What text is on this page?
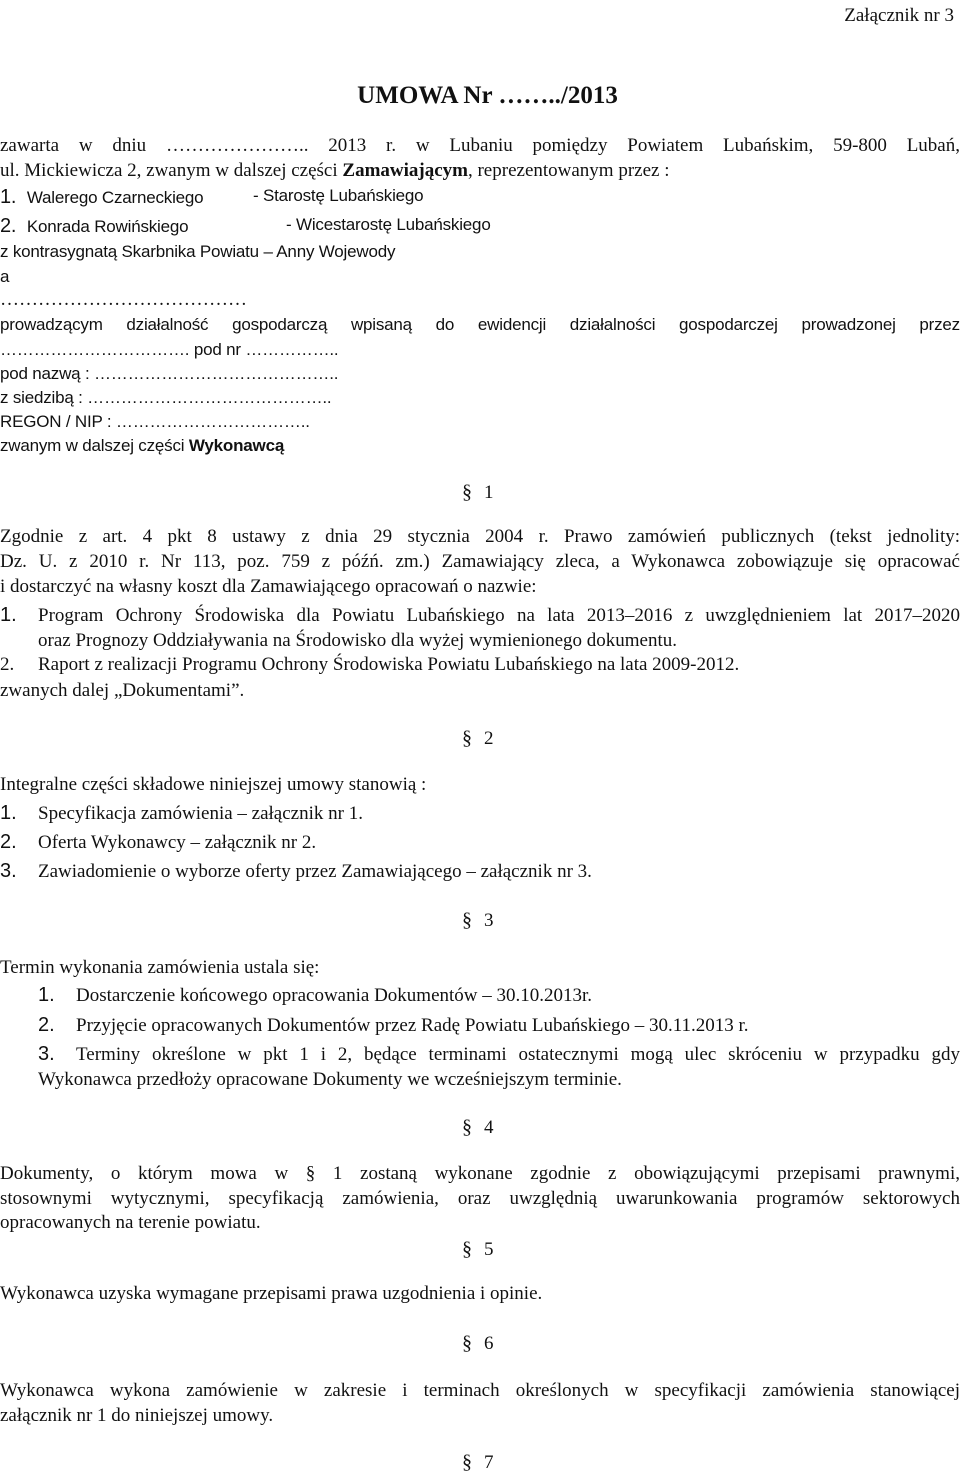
Załącznik nr 3
UMOWA Nr ……../2013
zawarta w dniu ………………….. 2013 r. w Lubaniu pomiędzy Powiatem Lubańskim, 59-800 Lubań,
ul. Mickiewicza 2, zwanym w dalszej części Zamawiającym, reprezentowanym przez :
1. Walerego Czarneckiego	- Starostę Lubańskiego
2. Konrada Rowińskiego	- Wicestarostę Lubańskiego
z kontrasygnatą Skarbnika Powiatu – Anny Wojewody
a
…………………………………
prowadzącym działalność gospodarczą wpisaną do ewidencji działalności gospodarczej prowadzonej przez
……………………………. pod nr ……………..
pod nazwą : ……………………………………..
z siedzibą : ……………………………………..
REGON / NIP : ……………………………..
zwanym w dalszej części Wykonawcą
§ 1
Zgodnie z art. 4 pkt 8 ustawy z dnia 29 stycznia 2004 r. Prawo zamówień publicznych (tekst jednolity:
Dz. U. z 2010 r. Nr 113, poz. 759 z późń. zm.) Zamawiający zleca, a Wykonawca zobowiązuje się opracować
i dostarczyć na własny koszt dla Zamawiającego opracowań o nazwie:
1. Program Ochrony Środowiska dla Powiatu Lubańskiego na lata 2013–2016 z uwzględnieniem lat 2017–2020
oraz Prognozy Oddziaływania na Środowisko dla wyżej wymienionego dokumentu.
2. Raport z realizacji Programu Ochrony Środowiska Powiatu Lubańskiego na lata 2009-2012.
zwanych dalej „Dokumentami”.
§ 2
Integralne części składowe niniejszej umowy stanowią :
1. Specyfikacja zamówienia – załącznik nr 1.
2. Oferta Wykonawcy – załącznik nr 2.
3. Zawiadomienie o wyborze oferty przez Zamawiającego – załącznik nr 3.
§ 3
Termin wykonania zamówienia ustala się:
1. Dostarczenie końcowego opracowania Dokumentów – 30.10.2013r.
2. Przyjęcie opracowanych Dokumentów przez Radę Powiatu Lubańskiego – 30.11.2013 r.
3. Terminy określone w pkt 1 i 2, będące terminami ostatecznymi mogą ulec skróceniu w przypadku gdy
Wykonawca przedłoży opracowane Dokumenty we wcześniejszym terminie.
§ 4
Dokumenty, o którym mowa w § 1 zostaną wykonane zgodnie z obowiązującymi przepisami prawnymi,
stosownymi wytycznymi, specyfikacją zamówienia, oraz uwzględnią uwarunkowania programów sektorowych
opracowanych na terenie powiatu.
§ 5
Wykonawca uzyska wymagane przepisami prawa uzgodnienia i opinie.
§ 6
Wykonawca wykona zamówienie w zakresie i terminach określonych w specyfikacji zamówienia stanowiącej
załącznik nr 1 do niniejszej umowy.
§ 7
